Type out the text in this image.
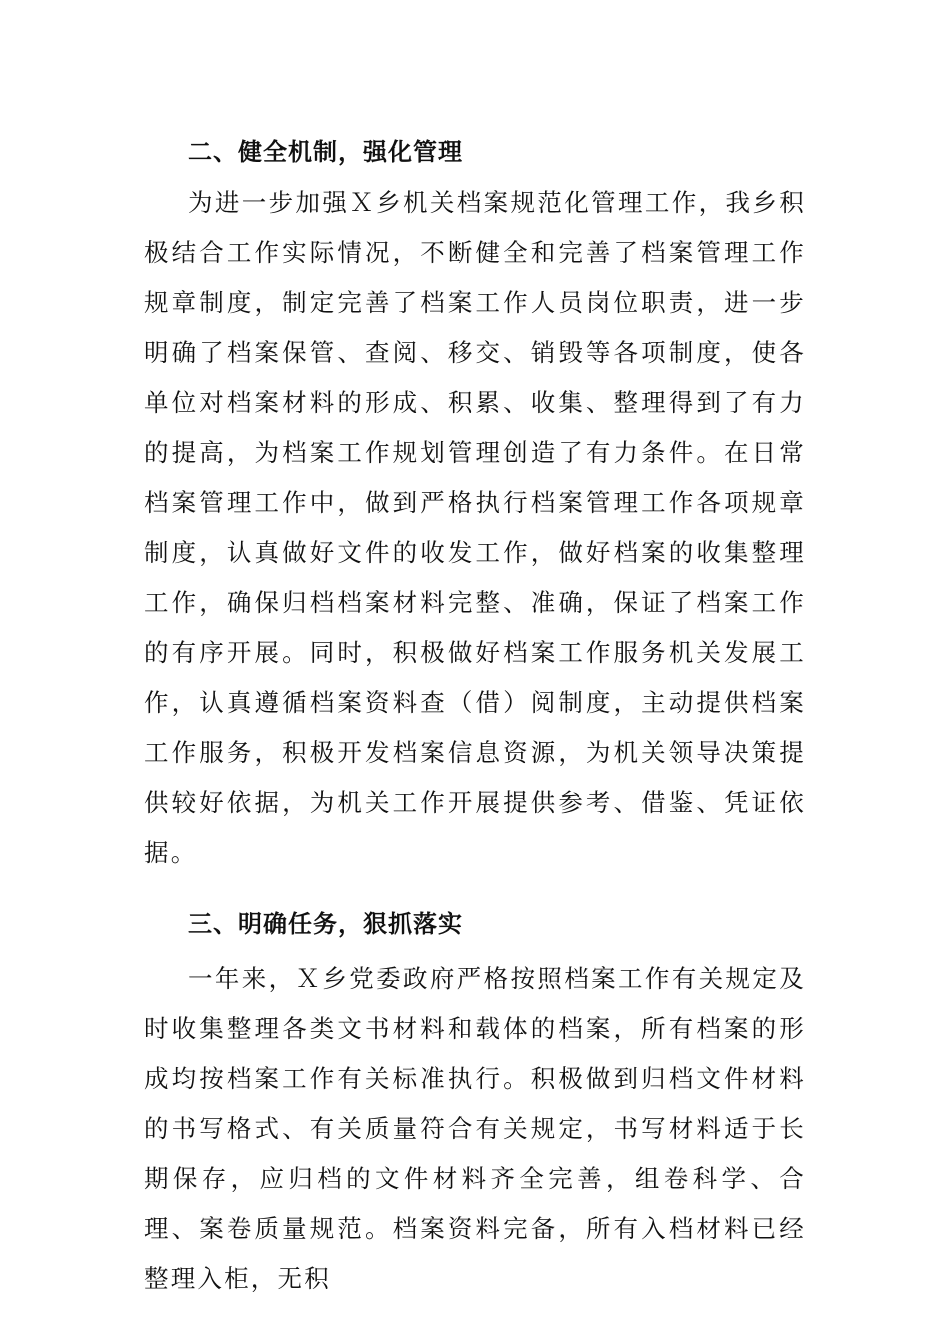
二、健全机制，强化管理

为进一步加强Ｘ乡机关档案规范化管理工作，我乡积极结合工作实际情况，不断健全和完善了档案管理工作规章制度，制定完善了档案工作人员岗位职责，进一步明确了档案保管、查阅、移交、销毁等各项制度，使各单位对档案材料的形成、积累、收集、整理得到了有力的提高，为档案工作规划管理创造了有力条件。在日常档案管理工作中，做到严格执行档案管理工作各项规章制度，认真做好文件的收发工作，做好档案的收集整理工作，确保归档档案材料完整、准确，保证了档案工作的有序开展。同时，积极做好档案工作服务机关发展工作，认真遵循档案资料查（借）阅制度，主动提供档案工作服务，积极开发档案信息资源，为机关领导决策提供较好依据，为机关工作开展提供参考、借鉴、凭证依据。

三、明确任务，狠抓落实

一年来，Ｘ乡党委政府严格按照档案工作有关规定及时收集整理各类文书材料和载体的档案，所有档案的形成均按档案工作有关标准执行。积极做到归档文件材料的书写格式、有关质量符合有关规定，书写材料适于长期保存，应归档的文件材料齐全完善，组卷科学、合理、案卷质量规范。档案资料完备，所有入档材料已经整理入柜，无积
